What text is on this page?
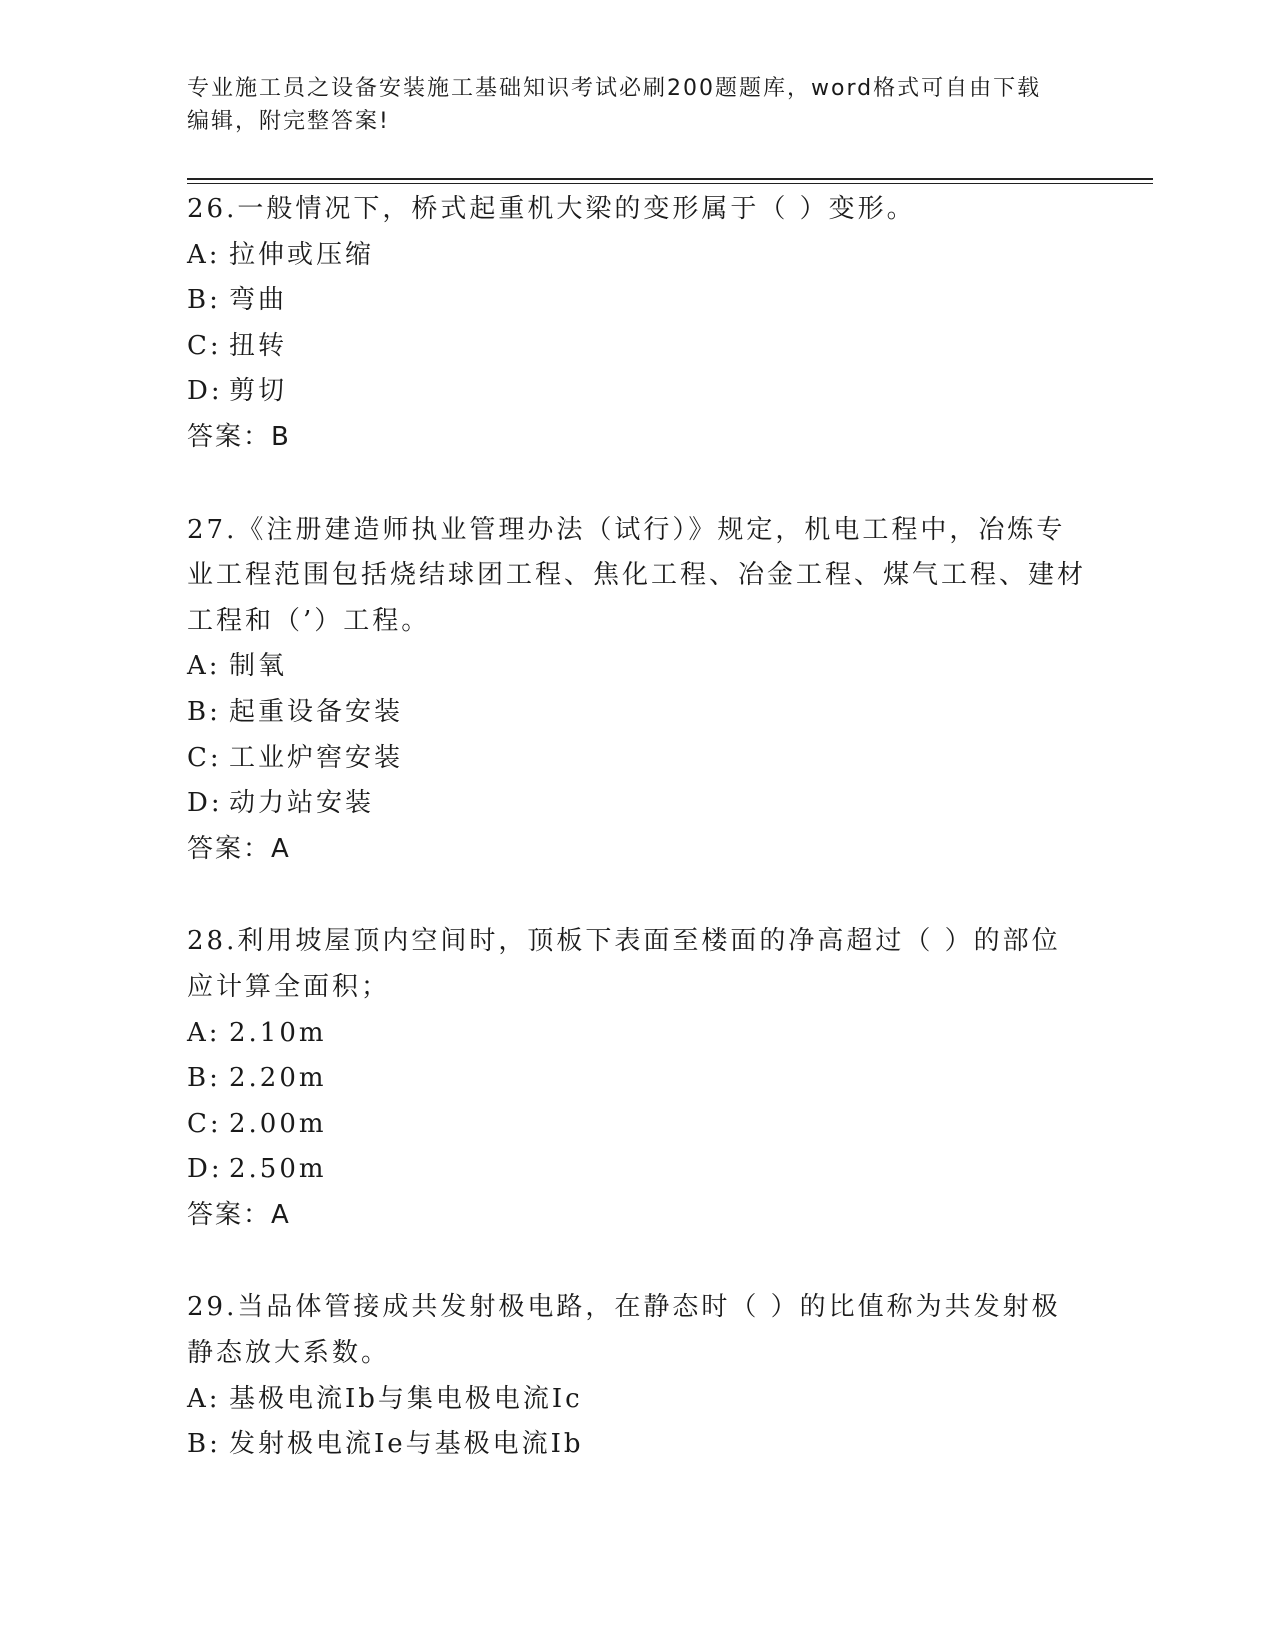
专业施工员之设备安装施工基础知识考试必刷200题题库，word格式可自由下载
编辑，附完整答案!
26.一般情况下，桥式起重机大梁的变形属于（ ）变形。
A: 拉伸或压缩
B: 弯曲
C: 扭转
D: 剪切
答案：B
27.《注册建造师执业管理办法（试行）》规定，机电工程中，冶炼专业工程范围包括烧结球团工程、焦化工程、冶金工程、煤气工程、建材工程和（’）工程。
A: 制氧
B: 起重设备安装
C: 工业炉窖安装
D: 动力站安装
答案：A
28.利用坡屋顶内空间时，顶板下表面至楼面的净高超过（ ）的部位应计算全面积；
A: 2.10m
B: 2.20m
C: 2.00m
D: 2.50m
答案：A
29.当品体管接成共发射极电路，在静态时（ ）的比值称为共发射极静态放大系数。
A: 基极电流Ib与集电极电流Ic
B: 发射极电流Ie与基极电流Ib
